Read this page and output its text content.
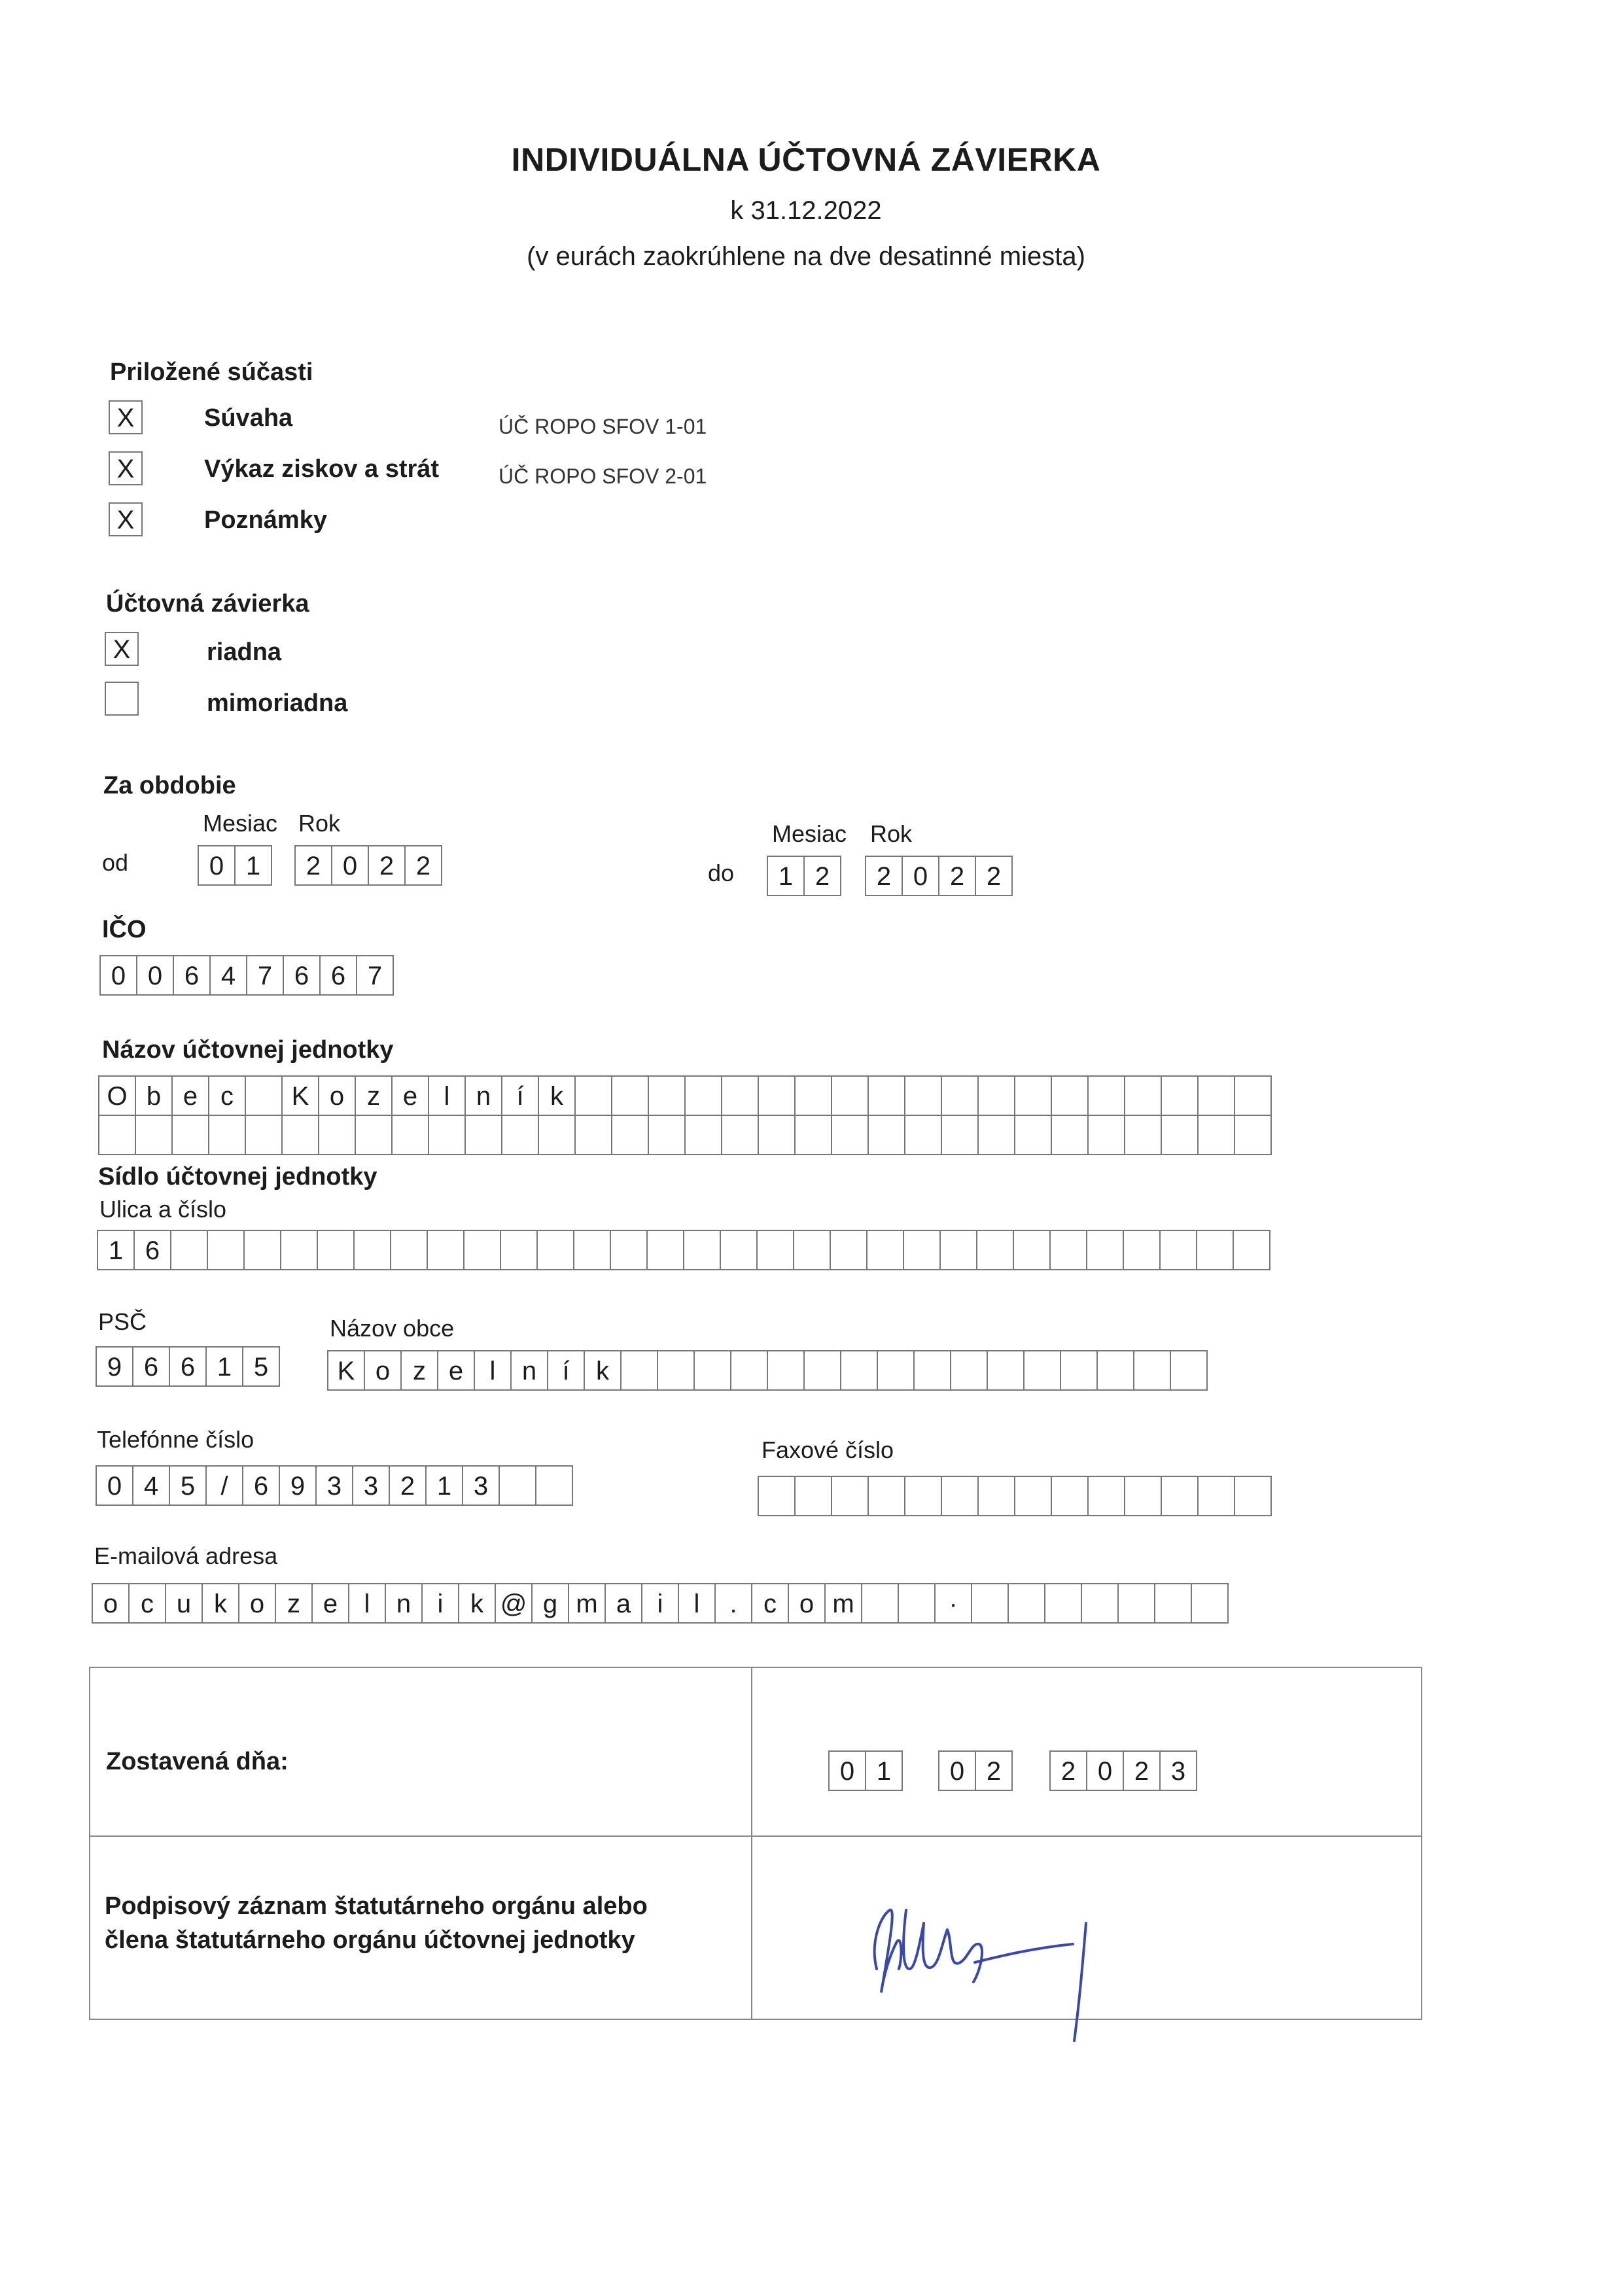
INDIVIDUÁLNA ÚČTOVNÁ ZÁVIERKA
k 31.12.2022
(v eurách zaokrúhlene na dve desatinné miesta)
Priložené súčasti
X	Súvaha	ÚČ ROPO SFOV 1-01
X	Výkaz ziskov a strát	ÚČ ROPO SFOV 2-01
X	Poznámky
Účtovná závierka
X	riadna
mimoriadna
Za obdobie
Mesiac Rok
od	0 1	2 0 2 2
Mesiac Rok
do	1 2	2 0 2 2
IČO
0 0 6 4 7 6 6 7
Názov účtovnej jednotky
O b e c	K o z e	l	n í	k
Sídlo účtovnej jednotky
Ulica a číslo
1 6
PSČ
9 6 6 1 5
Názov obce
K o z e	l	n í	k
Telefónne číslo
0 4 5 / 6 9 3 3 2 1 3
Faxové číslo
E-mailová adresa
o c u k o z e	l	n	i	k @ g m a	i	l	.	c o m	·
Zostavená dňa:	0 1	0 2	2 0 2 3
Podpisový záznam štatutárneho orgánu alebo
člena štatutárneho orgánu účtovnej jednotky
